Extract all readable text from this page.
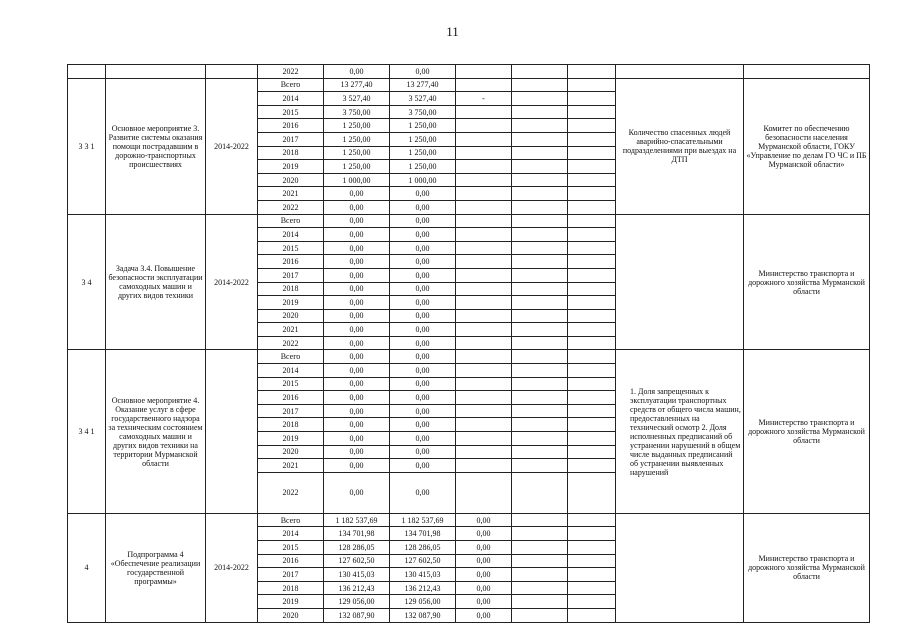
11
			2022	0,00	0,00					
3 3 1	Основное мероприятие 3. Развитие системы оказания помощи пострадавшим в дорожно-транспортных происшествиях	2014-2022	Всего	13 277,40	13 277,40				Количество спасенных людей аварийно-спасательными подразделениями при выездах на ДТП	Комитет по обеспечению безопасности населения Мурманской области, ГОКУ «Управление по делам ГО ЧС и ПБ Мурманской области»
			2014	3 527,40	3 527,40	-				
			2015	3 750,00	3 750,00					
			2016	1 250,00	1 250,00					
			2017	1 250,00	1 250,00					
			2018	1 250,00	1 250,00					
			2019	1 250,00	1 250,00					
			2020	1 000,00	1 000,00					
			2021	0,00	0,00					
			2022	0,00	0,00					
3 4	Задача 3.4. Повышение безопасности эксплуатации самоходных машин и других видов техники	2014-2022	Всего	0,00	0,00					Министерство транспорта и дорожного хозяйства Мурманской области
			2014	0,00	0,00					
			2015	0,00	0,00					
			2016	0,00	0,00					
			2017	0,00	0,00					
			2018	0,00	0,00					
			2019	0,00	0,00					
			2020	0,00	0,00					
			2021	0,00	0,00					
			2022	0,00	0,00					
3 4 1	Основное мероприятие 4. Оказание услуг в сфере государственного надзора за техническим состоянием самоходных машин и других видов техники на территории Мурманской области		Всего	0,00	0,00				1. Доля запрещенных к эксплуатации транспортных средств от общего числа машин, предоставленных на технический осмотр 2. Доля исполненных предписаний об устранении нарушений в общем числе выданных предписаний об устранении выявленных нарушений	Министерство транспорта и дорожного хозяйства Мурманской области
			2014	0,00	0,00					
			2015	0,00	0,00					
			2016	0,00	0,00					
			2017	0,00	0,00					
			2018	0,00	0,00					
			2019	0,00	0,00					
			2020	0,00	0,00					
			2021	0,00	0,00					
			2022	0,00	0,00					
4	Подпрограмма 4 «Обеспечение реализации государственной программы»	2014-2022	Всего	1 182 537,69	1 182 537,69	0,00				Министерство транспорта и дорожного хозяйства Мурманской области
			2014	134 701,98	134 701,98	0,00				
			2015	128 286,05	128 286,05	0,00				
			2016	127 602,50	127 602,50	0,00				
			2017	130 415,03	130 415,03	0,00				
			2018	136 212,43	136 212,43	0,00				
			2019	129 056,00	129 056,00	0,00				
			2020	132 087,90	132 087,90	0,00				
